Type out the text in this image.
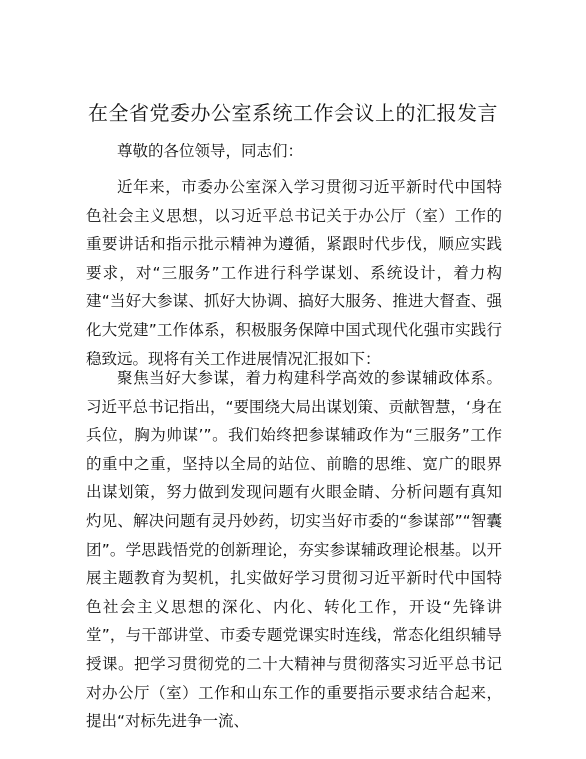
在全省党委办公室系统工作会议上的汇报发言
尊敬的各位领导，同志们：

近年来，市委办公室深入学习贯彻习近平新时代中国特色社会主义思想，以习近平总书记关于办公厅（室）工作的重要讲话和指示批示精神为遵循，紧跟时代步伐，顺应实践要求，对“三服务”工作进行科学谋划、系统设计，着力构建“当好大参谋、抓好大协调、搞好大服务、推进大督查、强化大党建”工作体系，积极服务保障中国式现代化强市实践行稳致远。现将有关工作进展情况汇报如下：

聚焦当好大参谋，着力构建科学高效的参谋辅政体系。习近平总书记指出，“要围绕大局出谋划策、贡献智慧，‘身在兵位，胸为帅谋’”。我们始终把参谋辅政作为“三服务”工作的重中之重，坚持以全局的站位、前瞻的思维、宽广的眼界出谋划策，努力做到发现问题有火眼金睛、分析问题有真知灼见、解决问题有灵丹妙药，切实当好市委的“参谋部”“智囊团”。学思践悟党的创新理论，夯实参谋辅政理论根基。以开展主题教育为契机，扎实做好学习贯彻习近平新时代中国特色社会主义思想的深化、内化、转化工作，开设“先锋讲堂”，与干部讲堂、市委专题党课实时连线，常态化组织辅导授课。把学习贯彻党的二十大精神与贯彻落实习近平总书记对办公厅（室）工作和山东工作的重要指示要求结合起来，提出“对标先进争一流、
